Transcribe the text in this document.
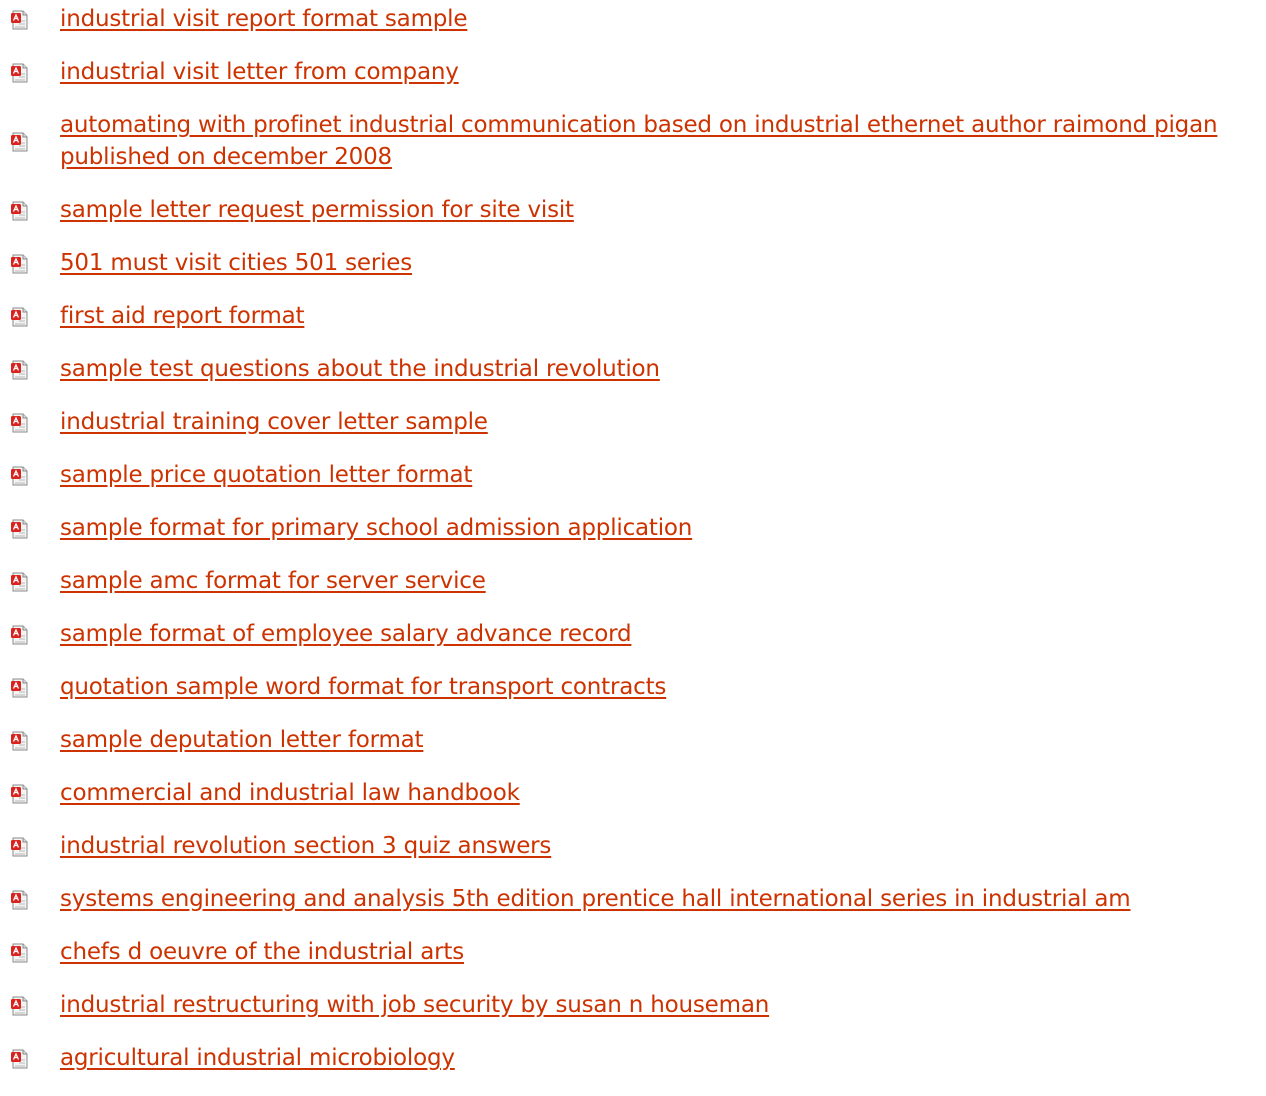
industrial visit report format sample
industrial visit letter from company
automating with profinet industrial communication based on industrial ethernet author raimond pigan published on december 2008
sample letter request permission for site visit
501 must visit cities 501 series
first aid report format
sample test questions about the industrial revolution
industrial training cover letter sample
sample price quotation letter format
sample format for primary school admission application
sample amc format for server service
sample format of employee salary advance record
quotation sample word format for transport contracts
sample deputation letter format
commercial and industrial law handbook
industrial revolution section 3 quiz answers
systems engineering and analysis 5th edition prentice hall international series in industrial am
chefs d oeuvre of the industrial arts
industrial restructuring with job security by susan n houseman
agricultural industrial microbiology
